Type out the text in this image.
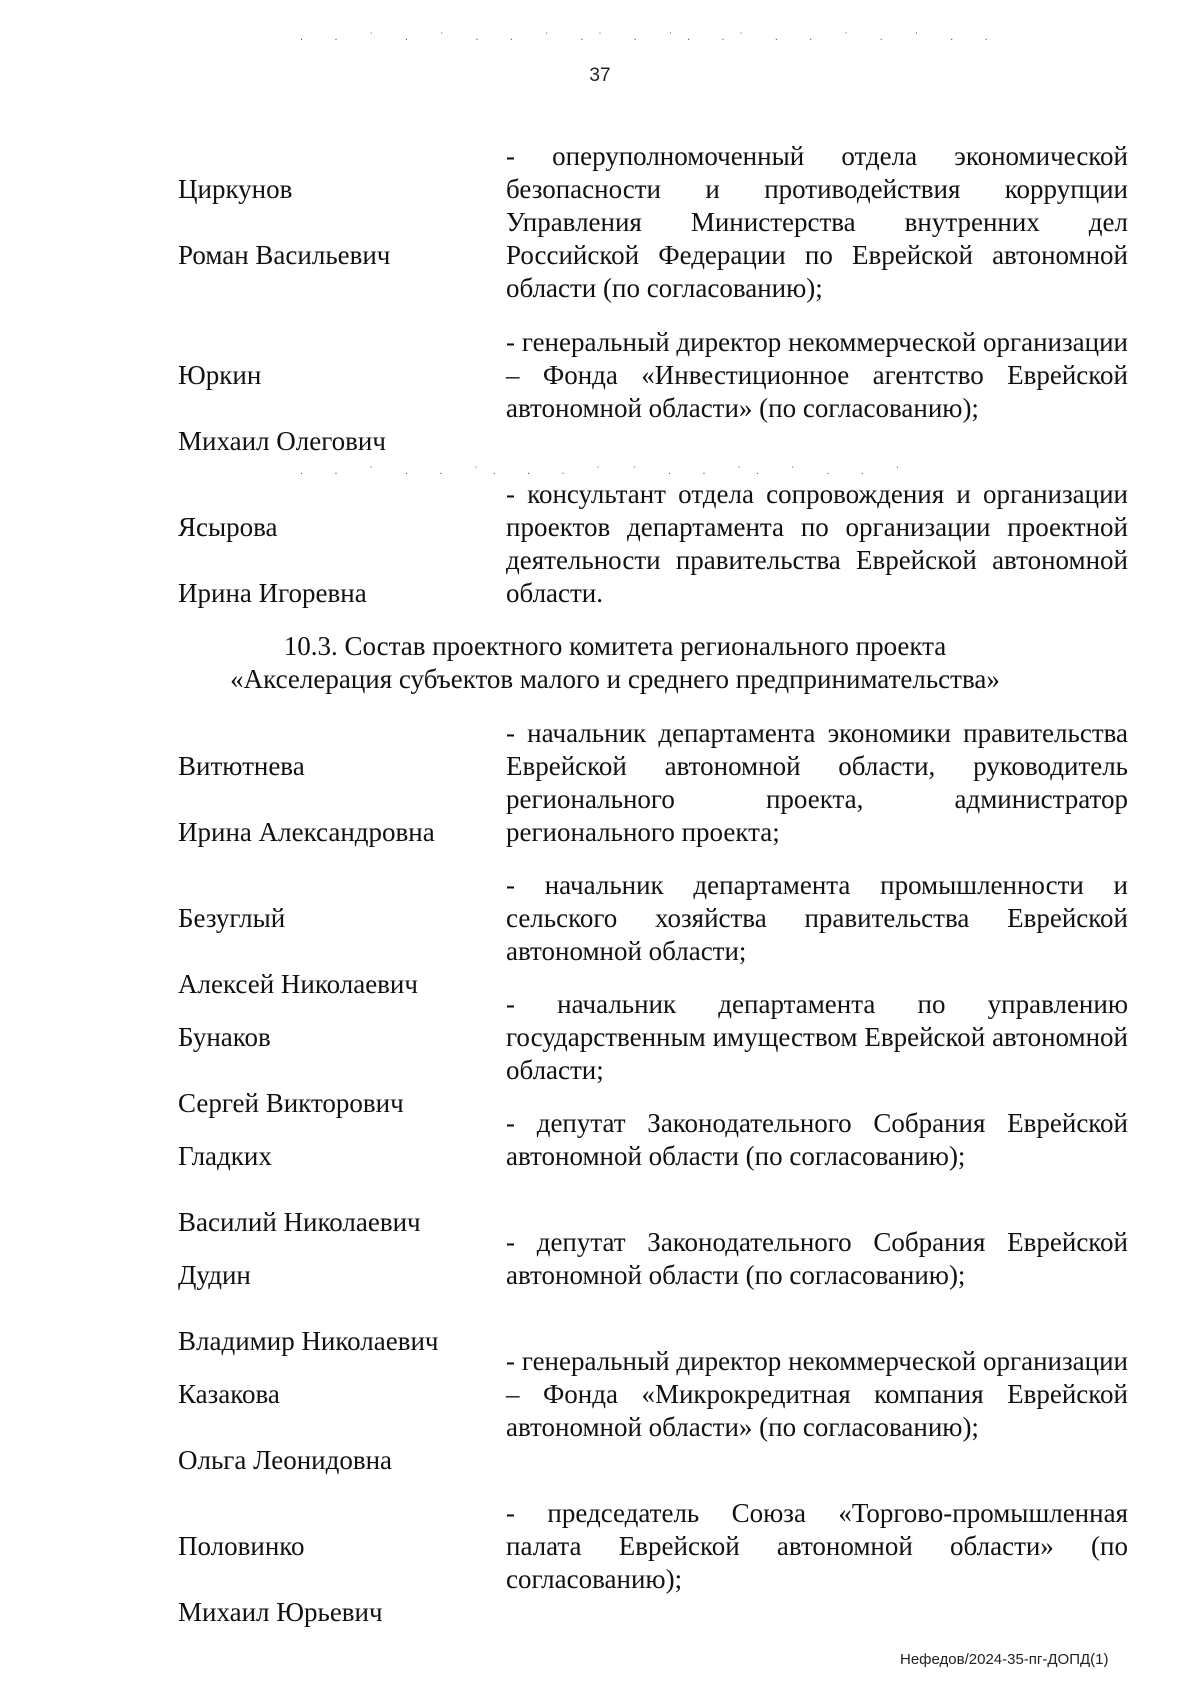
. . ˙ . ˙ . . ˙ .˙ . ˙. .˙ . . ˙ . ˙ . .
. . ˙ . . ˙. . . ˙ ˙ . . ˙. ˙ . . ˙
37

Циркунов

Роман Васильевич

- оперуполномоченный отдела экономической безопасности и противодействия коррупции Управления Министерства внутренних дел Российской Федерации по Еврейской автономной области (по согласованию);

Юркин

Михаил Олегович

- генеральный директор некоммерческой организации – Фонда «Инвестиционное агентство Еврейской автономной области» (по согласованию);

Ясырова

Ирина Игоревна

- консультант отдела сопровождения и организации проектов департамента по организации проектной деятельности правительства Еврейской автономной области.
10.3. Состав проектного комитета регионального проекта
«Акселерация субъектов малого и среднего предпринимательства»

Витютнева

Ирина Александровна

- начальник департамента экономики правительства Еврейской автономной области, руководитель регионального проекта, администратор регионального проекта;

Безуглый

Алексей Николаевич

- начальник департамента промышленности и сельского хозяйства правительства Еврейской автономной области;

Бунаков

Сергей Викторович

- начальник департамента по управлению государственным имуществом Еврейской автономной области;

Гладких

Василий Николаевич

- депутат Законодательного Собрания Еврейской автономной области (по согласованию);

Дудин

Владимир Николаевич

- депутат Законодательного Собрания Еврейской автономной области (по согласованию);

Казакова

Ольга Леонидовна

- генеральный директор некоммерческой организации – Фонда «Микрокредитная компания Еврейской автономной области» (по согласованию);

Половинко

Михаил Юрьевич

- председатель Союза «Торгово-промышленная палата Еврейской автономной области» (по согласованию);
Нефедов/2024-35-пг-ДОПД(1)
